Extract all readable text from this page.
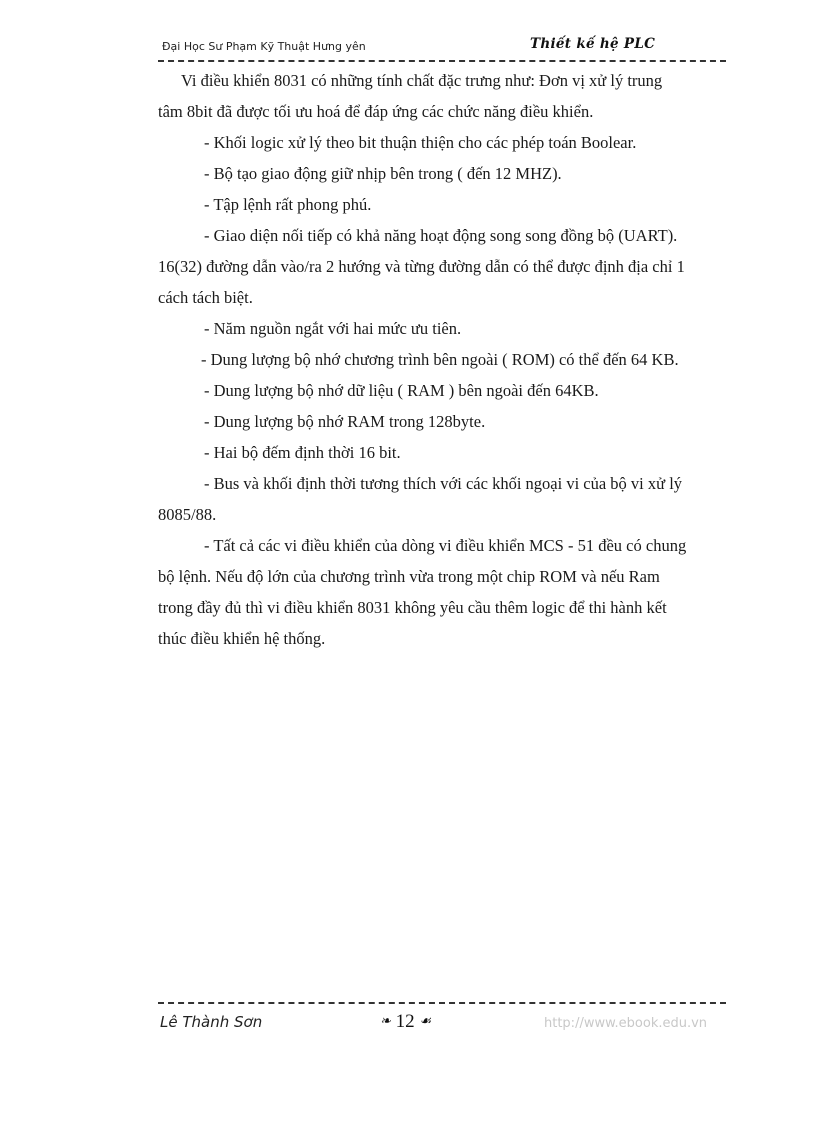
Đại Học Sư Phạm Kỹ Thuật Hưng yên	Thiết kế hệ PLC
Vi điều khiển 8031 có những tính chất đặc trưng như: Đơn vị xử lý trung
tâm 8bit đã được tối ưu hoá để đáp ứng các chức năng điều khiển.
- Khối logic xử lý theo bit thuận thiện cho các phép toán Boolear.
- Bộ tạo giao động giữ nhịp bên trong ( đến 12 MHZ).
- Tập lệnh rất phong phú.
- Giao diện nối tiếp có khả năng hoạt động song song đồng bộ (UART).
16(32) đường dẫn vào/ra 2 hướng và từng đường dẫn có thể được định địa chỉ 1
cách tách biệt.
- Năm nguồn ngắt với hai mức ưu tiên.
- Dung lượng bộ nhớ chương trình bên ngoài ( ROM) có thể đến 64 KB.
- Dung lượng bộ nhớ dữ liệu ( RAM ) bên ngoài đến 64KB.
- Dung lượng bộ nhớ RAM trong 128byte.
- Hai bộ đếm định thời 16 bit.
- Bus và khối định thời tương thích với các khối ngoại vi của bộ vi xử lý
8085/88.
- Tất cả các vi điều khiển của dòng vi điều khiển MCS - 51 đều có chung
bộ lệnh. Nếu độ lớn của chương trình vừa trong một chip ROM và nếu Ram
trong đầy đủ thì vi điều khiển 8031 không yêu cầu thêm logic để thi hành kết
thúc điều khiển hệ thống.
Lê Thành Sơn	❧ 12 ☙	http://www.ebook.edu.vn
